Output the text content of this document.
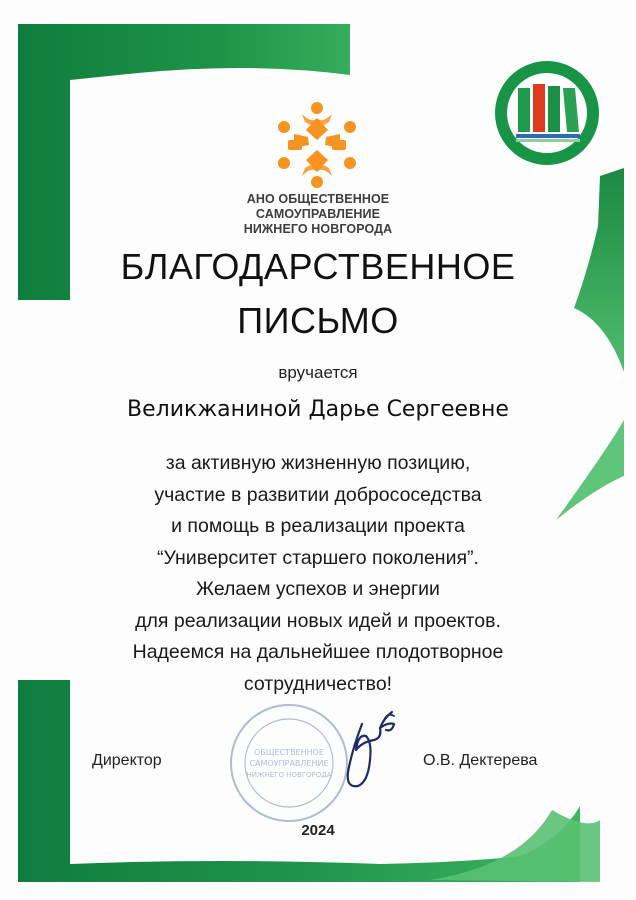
АНО ОБЩЕСТВЕННОЕ
САМОУПРАВЛЕНИЕ
НИЖНЕГО НОВГОРОДА
БЛАГОДАРСТВЕННОЕ
ПИСЬМО
вручается
Великжаниной Дарье Сергеевне
за активную жизненную позицию,
участие в развитии добрососедства
и помощь в реализации проекта
“Университет старшего поколения”.
Желаем успехов и энергии
для реализации новых идей и проектов.
Надеемся на дальнейшее плодотворное
сотрудничество!
ОБЩЕСТВЕННОЕ
САМОУПРАВЛЕНИЕ
НИЖНЕГО НОВГОРОДА
Директор	О.В. Дектерева
2024
